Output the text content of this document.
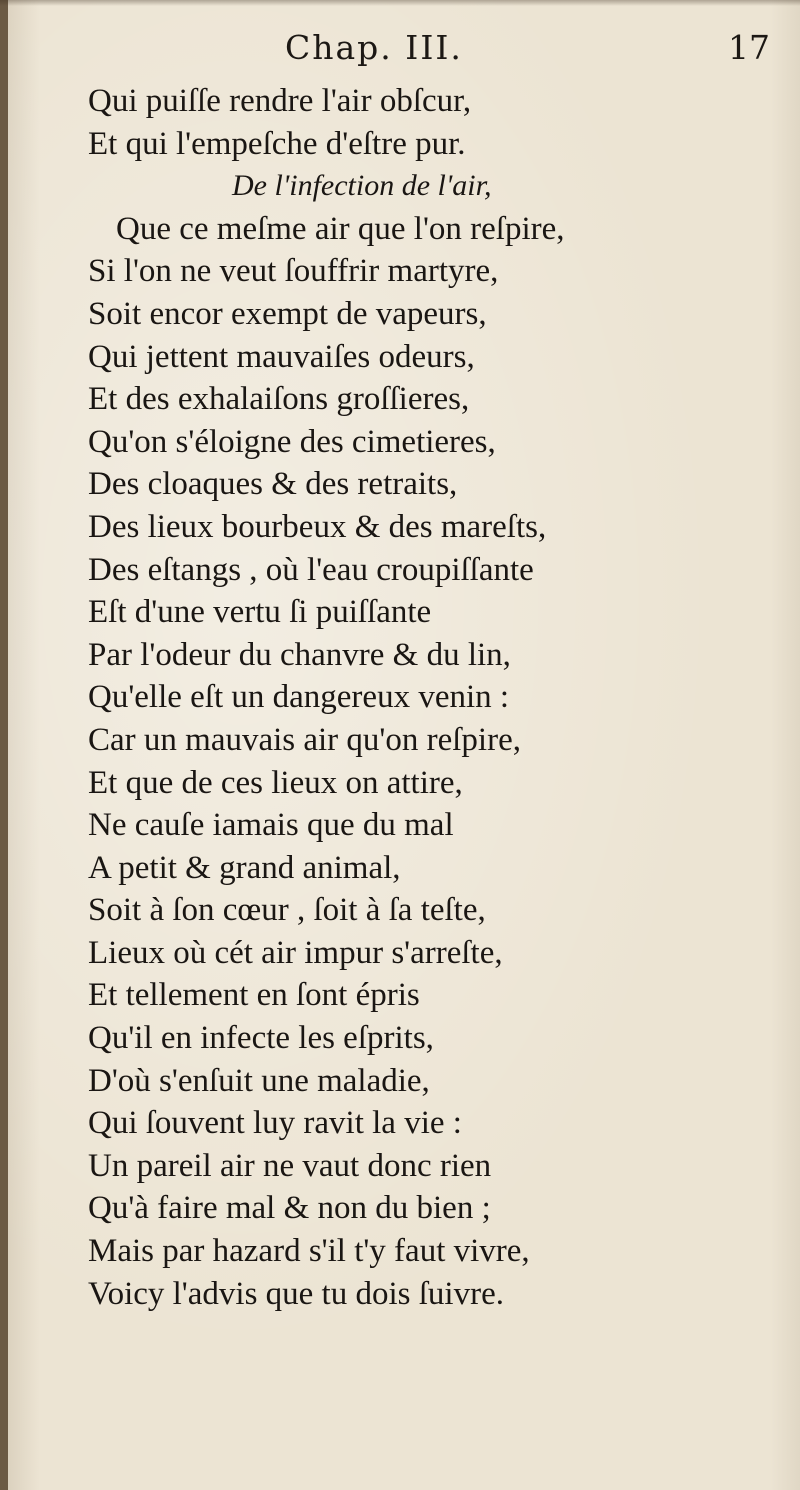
Chap. III.	17
Qui puiſſe rendre l'air obſcur,
Et qui l'empeſche d'eſtre pur.
De l'infection de l'air,
Que ce meſme air que l'on reſpire,
Si l'on ne veut ſouffrir martyre,
Soit encor exempt de vapeurs,
Qui jettent mauvaiſes odeurs,
Et des exhalaiſons groſſieres,
Qu'on s'éloigne des cimetieres,
Des cloaques & des retraits,
Des lieux bourbeux & des mareſts,
Des eſtangs , où l'eau croupiſſante
Eſt d'une vertu ſi puiſſante
Par l'odeur du chanvre & du lin,
Qu'elle eſt un dangereux venin :
Car un mauvais air qu'on reſpire,
Et que de ces lieux on attire,
Ne cauſe iamais que du mal
A petit & grand animal,
Soit à ſon cœur , ſoit à ſa teſte,
Lieux où cét air impur s'arreſte,
Et tellement en ſont épris
Qu'il en infecte les eſprits,
D'où s'enſuit une maladie,
Qui ſouvent luy ravit la vie :
Un pareil air ne vaut donc rien
Qu'à faire mal & non du bien ;
Mais par hazard s'il t'y faut vivre,
Voicy l'advis que tu dois ſuivre.
